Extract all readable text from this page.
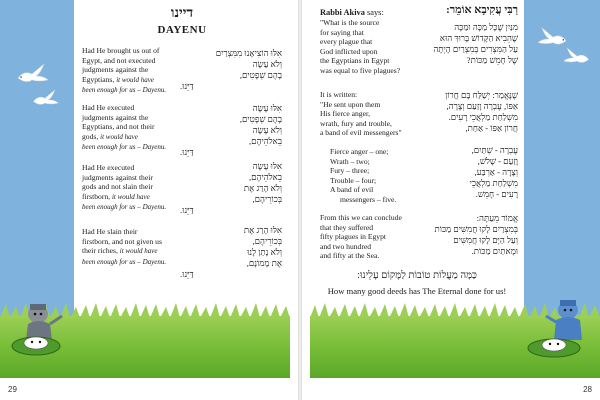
דיינו
DAYENU
Had He brought us out of
Egypt, and not executed
judgments against the
Egyptians, it would have
been enough for us – Dayenu.
אִלּוּ הוֹצִיאָנוּ מִמִּצְרַיִם
וְלֹא עָשָׂה
בָהֶם שְׁפָטִים,
דַּיֵּנוּ.
Had He executed
judgments against the
Egyptians, and not their
gods, it would have
been enough for us – Dayenu.
אִלּוּ עָשָׂה
בָהֶם שְׁפָטִים,
וְלֹא עָשָׂה
בֵאלֹהֵיהֶם,
דַּיֵּנוּ.
Had He executed
judgments against their
gods and not slain their
firstborn, it would have
been enough for us – Dayenu.
אִלּוּ עָשָׂה
בֵאלֹהֵיהֶם,
וְלֹא הָרַג אֶת
בְּכוֹרֵיהֶם,
דַּיֵּנוּ.
Had He slain their
firstborn, and not given us
their riches, it would have
been enough for us – Dayenu.
אִלּוּ הָרַג אֶת
בְּכוֹרֵיהֶם,
וְלֹא נָתַן לָנוּ
אֶת מָמוֹנָם,
דַּיֵּנוּ.
29
Rabbi Akiva says:	רַבִּי עֲקִיבָא אוֹמֵר:
"What is the source
for saying that
every plague that
God inflicted upon
the Egyptians in Egypt
was equal to five plagues?
מִנַּיִן שֶׁכָּל מַכָּה וּמַכָּה
שֶׁהֵבִיא הַקָּדוֹשׁ בָּרוּךְ הוּא
עַל הַמִּצְרִים בְּמִצְרַיִם הָיְתָה
שֶׁל חָמֵשׁ מַכּוֹת?
It is written:
"He sent upon them
His fierce anger,
wrath, fury and trouble,
a band of evil messengers"
שֶׁנֶּאֱמַר: יְשַׁלַּח בָּם חֲרוֹן
אַפּוֹ, עֶבְרָה וָזַעַם וְצָרָה,
מִשְׁלַחַת מַלְאֲכֵי רָעִים.
חֲרוֹן אַפּוֹ - אַחַת,
Fierce anger – one;
Wrath – two;
Fury – three;
Trouble – four;
A band of evil
messengers – five.
עֶבְרָה - שְׁתַּיִם,
וָזַעַם - שָׁלֹשׁ,
וְצָרָה - אַרְבַּע,
מִשְׁלַחַת מַלְאֲכֵי
רָעִים - חָמֵשׁ.
From this we can conclude
that they suffered
fifty plagues in Egypt
and two hundred
and fifty at the Sea.
אֱמוֹר מֵעַתָּה:
בְּמִצְרַיִם לָקוּ חֲמִשִּׁים מַכּוֹת
וְעַל הַיָּם לָקוּ חֲמִשִּׁים
וּמָאתַיִם מַכּוֹת.
כַּמָּה מַעֲלוֹת טוֹבוֹת לַמָּקוֹם עָלֵינוּ:
How many good deeds has The Eternal done for us!
28
